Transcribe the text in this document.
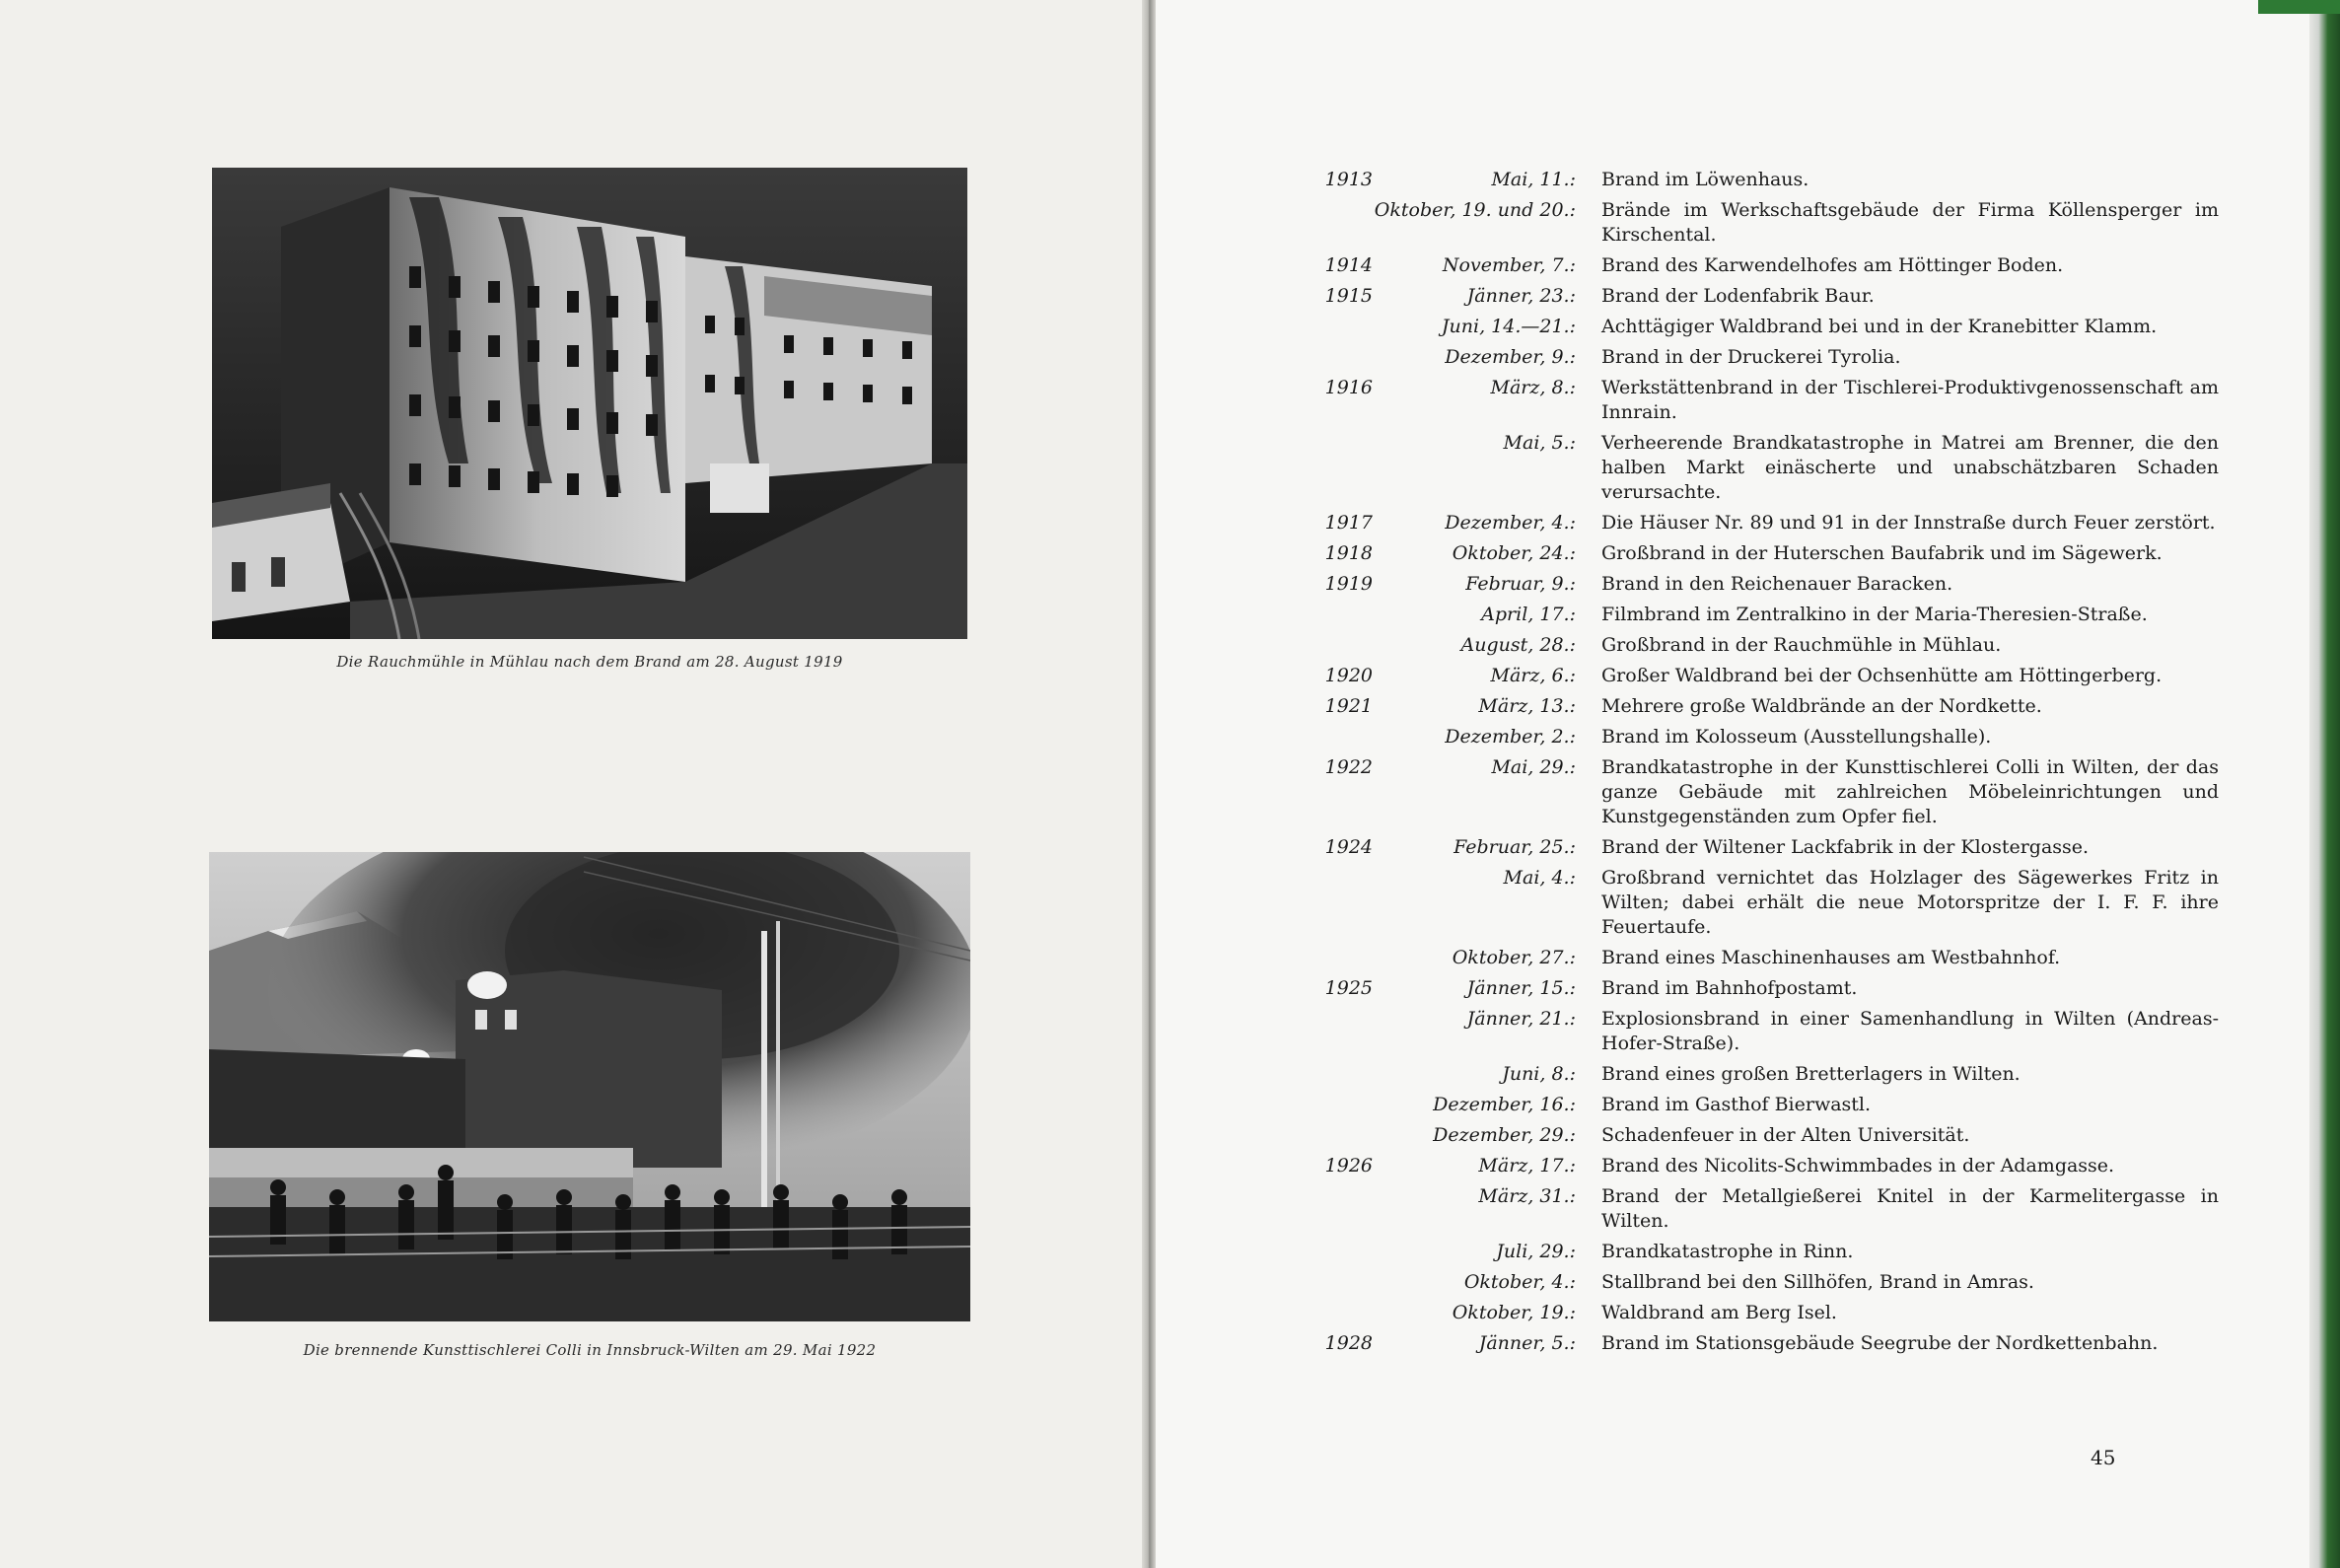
Die Rauchmühle in Mühlau nach dem Brand am 28. August 1919
Die brennende Kunsttischlerei Colli in Innsbruck-Wilten am 29. Mai 1922
1913	Mai, 11.:	Brand im Löwenhaus.
Oktober, 19. und 20.:	Brände im Werkschaftsgebäude der Firma Köllensperger im Kirschental.
1914	November, 7.:	Brand des Karwendelhofes am Höttinger Boden.
1915	Jänner, 23.:	Brand der Lodenfabrik Baur.
Juni, 14.—21.:	Achttägiger Waldbrand bei und in der Kranebitter Klamm.
Dezember, 9.:	Brand in der Druckerei Tyrolia.
1916	März, 8.:	Werkstättenbrand in der Tischlerei-Produktivgenossenschaft am Innrain.
Mai, 5.:	Verheerende Brandkatastrophe in Matrei am Brenner, die den halben Markt einäscherte und unabschätzbaren Schaden verursachte.
1917	Dezember, 4.:	Die Häuser Nr. 89 und 91 in der Innstraße durch Feuer zerstört.
1918	Oktober, 24.:	Großbrand in der Huterschen Baufabrik und im Sägewerk.
1919	Februar, 9.:	Brand in den Reichenauer Baracken.
April, 17.:	Filmbrand im Zentralkino in der Maria-Theresien-Straße.
August, 28.:	Großbrand in der Rauchmühle in Mühlau.
1920	März, 6.:	Großer Waldbrand bei der Ochsenhütte am Höttingerberg.
1921	März, 13.:	Mehrere große Waldbrände an der Nordkette.
Dezember, 2.:	Brand im Kolosseum (Ausstellungshalle).
1922	Mai, 29.:	Brandkatastrophe in der Kunsttischlerei Colli in Wilten, der das ganze Gebäude mit zahlreichen Möbeleinrichtungen und Kunstgegenständen zum Opfer fiel.
1924	Februar, 25.:	Brand der Wiltener Lackfabrik in der Klostergasse.
Mai, 4.:	Großbrand vernichtet das Holzlager des Sägewerkes Fritz in Wilten; dabei erhält die neue Motorspritze der I. F. F. ihre Feuertaufe.
Oktober, 27.:	Brand eines Maschinenhauses am Westbahnhof.
1925	Jänner, 15.:	Brand im Bahnhofpostamt.
Jänner, 21.:	Explosionsbrand in einer Samenhandlung in Wilten (Andreas-Hofer-Straße).
Juni, 8.:	Brand eines großen Bretterlagers in Wilten.
Dezember, 16.:	Brand im Gasthof Bierwastl.
Dezember, 29.:	Schadenfeuer in der Alten Universität.
1926	März, 17.:	Brand des Nicolits-Schwimmbades in der Adamgasse.
März, 31.:	Brand der Metallgießerei Knitel in der Karmelitergasse in Wilten.
Juli, 29.:	Brandkatastrophe in Rinn.
Oktober, 4.:	Stallbrand bei den Sillhöfen, Brand in Amras.
Oktober, 19.:	Waldbrand am Berg Isel.
1928	Jänner, 5.:	Brand im Stationsgebäude Seegrube der Nordkettenbahn.
45
